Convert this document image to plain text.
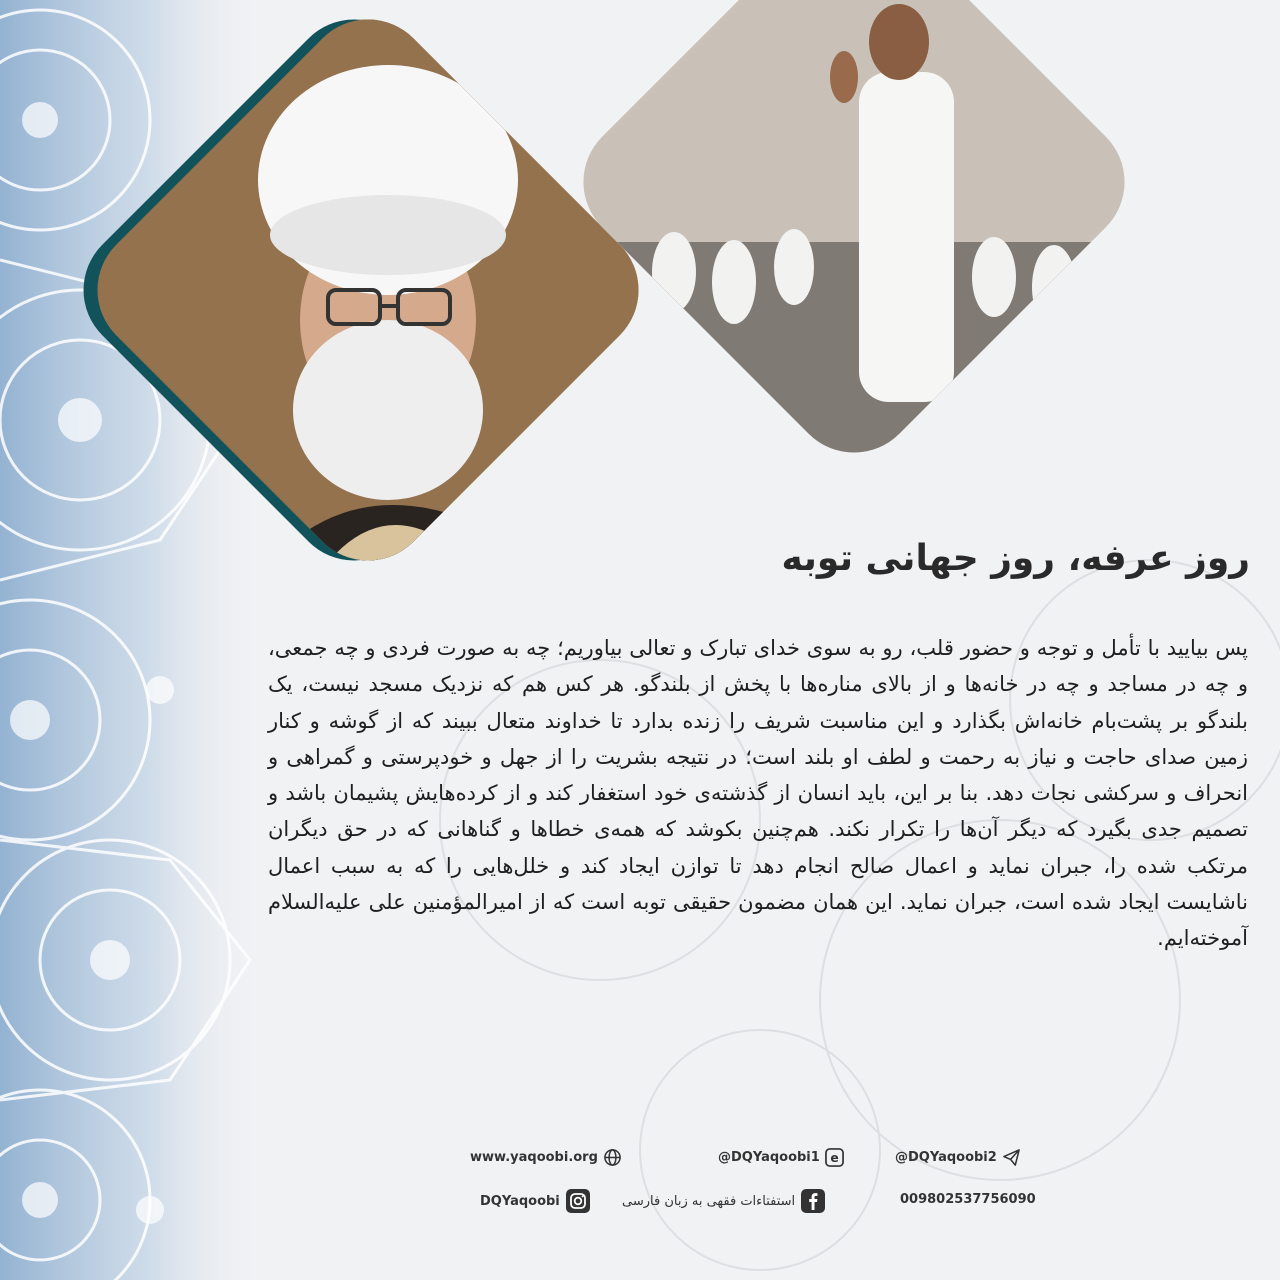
روز عرفه، روز جهانی توبه
پس بیایید با تأمل و توجه و حضور قلب، رو به سوی خدای تبارک و تعالی بیاوریم؛ چه به صورت فردی و چه جمعی، و چه در مساجد و چه در خانه‌ها و از بالای مناره‌ها با پخش از بلندگو. هر کس هم که نزدیک مسجد نیست، یک بلندگو بر پشت‌بام خانه‌اش بگذارد و این مناسبت شریف را زنده بدارد تا خداوند متعال ببیند که از گوشه و کنار زمین صدای حاجت و نیاز به رحمت و لطف او بلند است؛ در نتیجه بشریت را از جهل و خودپرستی و گمراهی و انحراف و سرکشی نجات دهد. بنا بر این، باید انسان از گذشته‌ی خود استغفار کند و از کرده‌هایش پشیمان باشد و تصمیم جدی بگیرد که دیگر آن‌ها را تکرار نکند. هم‌چنین بکوشد که همه‌ی خطاها و گناهانی که در حق دیگران مرتکب شده را، جبران نماید و اعمال صالح انجام دهد تا توازن ایجاد کند و خلل‌هایی را که به سبب اعمال ناشایست ایجاد شده است، جبران نماید. این همان مضمون حقیقی توبه است که از امیرالمؤمنین علی علیه‌السلام آموخته‌ایم.
www.yaqoobi.org	@DQYaqoobi1 e	@DQYaqoobi2
DQYaqoobi	استفتاءات فقهی به زبان فارسی	009802537756090
